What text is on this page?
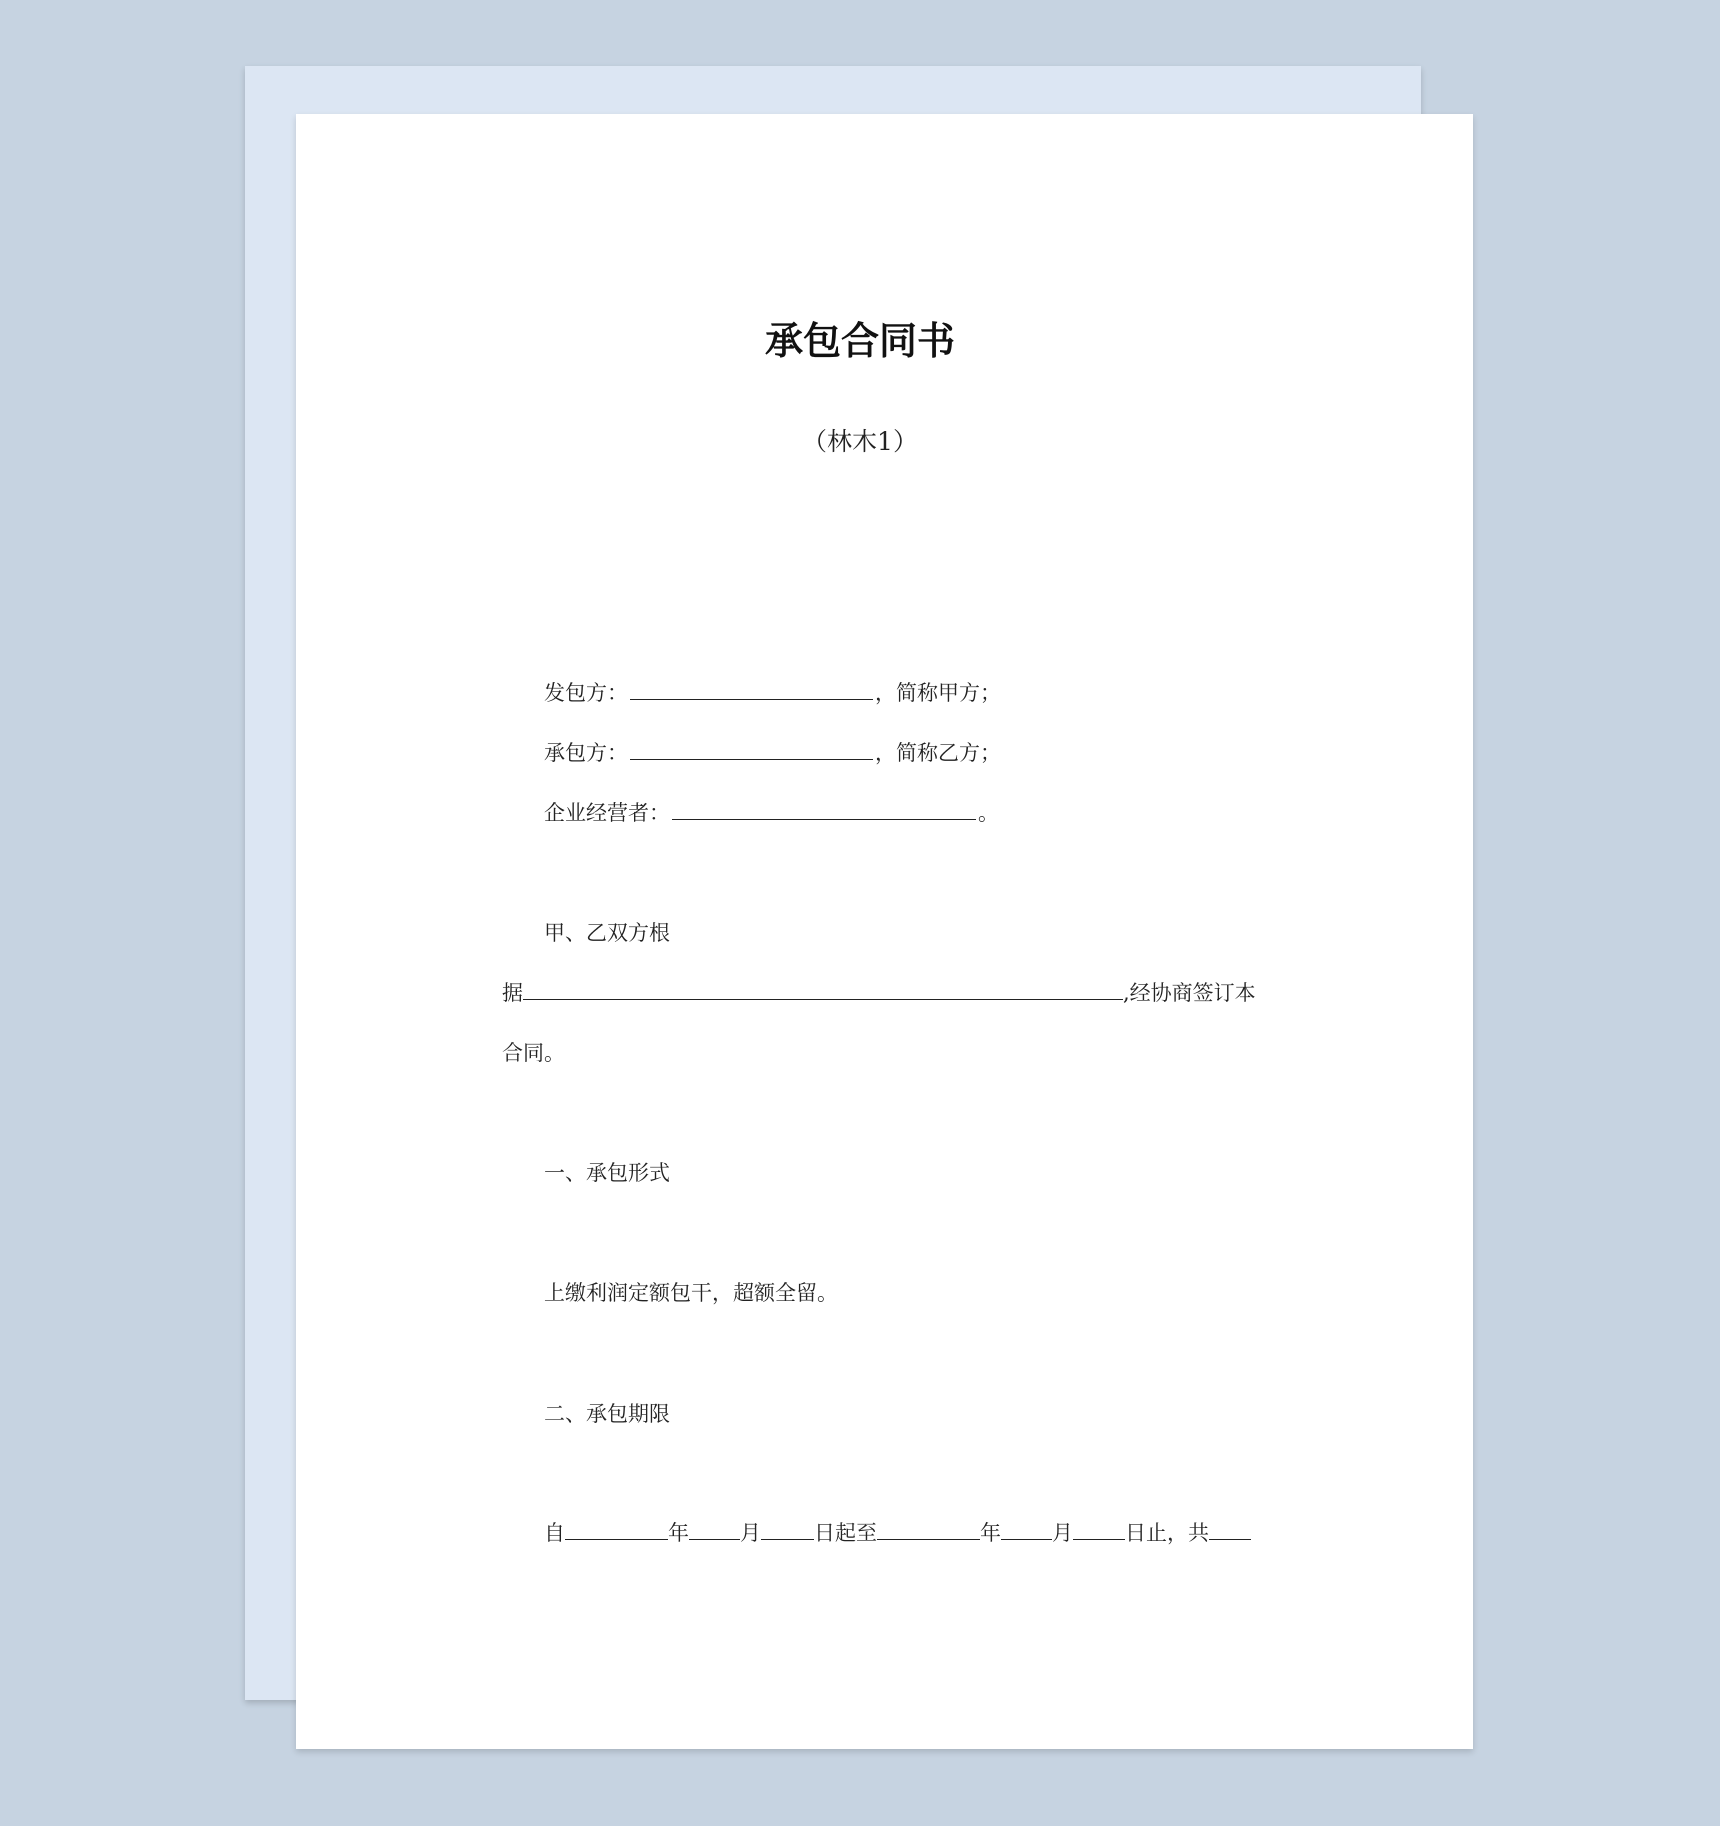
承包合同书
（林木1）
发包方：	，简称甲方；
承包方：	，简称乙方；
企业经营者：	。
甲、乙双方根
据	,经协商签订本
合同。
一、承包形式
上缴利润定额包干，超额全留。
二、承包期限
自	年 月	日起至	年 月 日止，共
